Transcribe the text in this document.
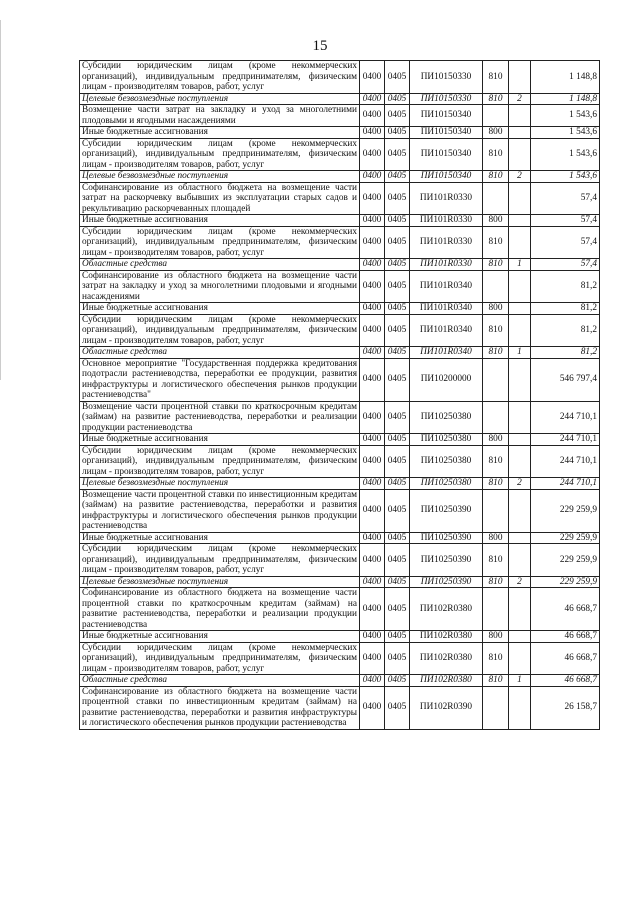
15
Субсидии юридическим лицам (кроме некоммерческих организаций), индивидуальным предпринимателям, физическим лицам - производителям товаров, работ, услуг	0400	0405	ПИ10150330	810		1 148,8
Целевые безвозмездные поступления	0400	0405	ПИ10150330	810	2	1 148,8
Возмещение части затрат на закладку и уход за многолетними плодовыми и ягодными насаждениями	0400	0405	ПИ10150340			1 543,6
Иные бюджетные ассигнования	0400	0405	ПИ10150340	800		1 543,6
Субсидии юридическим лицам (кроме некоммерческих организаций), индивидуальным предпринимателям, физическим лицам - производителям товаров, работ, услуг	0400	0405	ПИ10150340	810		1 543,6
Целевые безвозмездные поступления	0400	0405	ПИ10150340	810	2	1 543,6
Софинансирование из областного бюджета на возмещение части затрат на раскорчевку выбывших из эксплуатации старых садов и рекультивацию раскорчеванных площадей	0400	0405	ПИ101R0330			57,4
Иные бюджетные ассигнования	0400	0405	ПИ101R0330	800		57,4
Субсидии юридическим лицам (кроме некоммерческих организаций), индивидуальным предпринимателям, физическим лицам - производителям товаров, работ, услуг	0400	0405	ПИ101R0330	810		57,4
Областные средства	0400	0405	ПИ101R0330	810	1	57,4
Софинансирование из областного бюджета на возмещение части затрат на закладку и уход за многолетними плодовыми и ягодными насаждениями	0400	0405	ПИ101R0340			81,2
Иные бюджетные ассигнования	0400	0405	ПИ101R0340	800		81,2
Субсидии юридическим лицам (кроме некоммерческих организаций), индивидуальным предпринимателям, физическим лицам - производителям товаров, работ, услуг	0400	0405	ПИ101R0340	810		81,2
Областные средства	0400	0405	ПИ101R0340	810	1	81,2
Основное мероприятие "Государственная поддержка кредитования подотрасли растениеводства, переработки ее продукции, развития инфраструктуры и логистического обеспечения рынков продукции растениеводства"	0400	0405	ПИ10200000			546 797,4
Возмещение части процентной ставки по краткосрочным кредитам (займам) на развитие растениеводства, переработки и реализации продукции растениеводства	0400	0405	ПИ10250380			244 710,1
Иные бюджетные ассигнования	0400	0405	ПИ10250380	800		244 710,1
Субсидии юридическим лицам (кроме некоммерческих организаций), индивидуальным предпринимателям, физическим лицам - производителям товаров, работ, услуг	0400	0405	ПИ10250380	810		244 710,1
Целевые безвозмездные поступления	0400	0405	ПИ10250380	810	2	244 710,1
Возмещение части процентной ставки по инвестиционным кредитам (займам) на развитие растениеводства, переработки и развития инфраструктуры и логистического обеспечения рынков продукции растениеводства	0400	0405	ПИ10250390			229 259,9
Иные бюджетные ассигнования	0400	0405	ПИ10250390	800		229 259,9
Субсидии юридическим лицам (кроме некоммерческих организаций), индивидуальным предпринимателям, физическим лицам - производителям товаров, работ, услуг	0400	0405	ПИ10250390	810		229 259,9
Целевые безвозмездные поступления	0400	0405	ПИ10250390	810	2	229 259,9
Софинансирование из областного бюджета на возмещение части процентной ставки по краткосрочным кредитам (займам) на развитие растениеводства, переработки и реализации продукции растениеводства	0400	0405	ПИ102R0380			46 668,7
Иные бюджетные ассигнования	0400	0405	ПИ102R0380	800		46 668,7
Субсидии юридическим лицам (кроме некоммерческих организаций), индивидуальным предпринимателям, физическим лицам - производителям товаров, работ, услуг	0400	0405	ПИ102R0380	810		46 668,7
Областные средства	0400	0405	ПИ102R0380	810	1	46 668,7
Софинансирование из областного бюджета на возмещение части процентной ставки по инвестиционным кредитам (займам) на развитие растениеводства, переработки и развития инфраструктуры и логистического обеспечения рынков продукции растениеводства	0400	0405	ПИ102R0390			26 158,7
